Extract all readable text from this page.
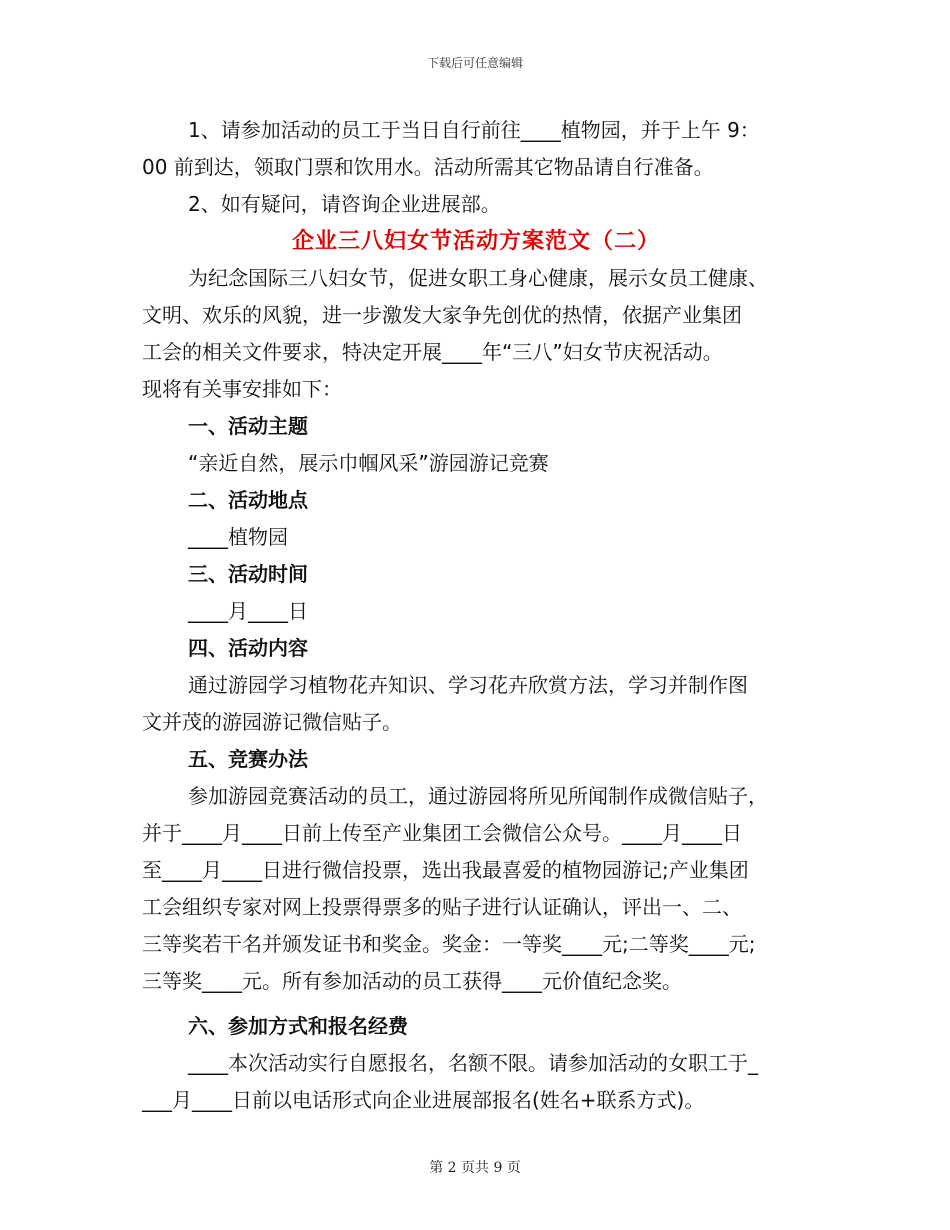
下载后可任意编辑
1、请参加活动的员工于当日自行前往____植物园，并于上午 9：
00 前到达，领取门票和饮用水。活动所需其它物品请自行准备。
2、如有疑问，请咨询企业进展部。
企业三八妇女节活动方案范文（二）
为纪念国际三八妇女节，促进女职工身心健康，展示女员工健康、
文明、欢乐的风貌，进一步激发大家争先创优的热情，依据产业集团
工会的相关文件要求，特决定开展____年“三八”妇女节庆祝活动。
现将有关事安排如下：
一、活动主题
“亲近自然，展示巾帼风采”游园游记竞赛
二、活动地点
____植物园
三、活动时间
____月____日
四、活动内容
通过游园学习植物花卉知识、学习花卉欣赏方法，学习并制作图
文并茂的游园游记微信贴子。
五、竞赛办法
参加游园竞赛活动的员工，通过游园将所见所闻制作成微信贴子，
并于____月____日前上传至产业集团工会微信公众号。____月____日
至____月____日进行微信投票，选出我最喜爱的植物园游记;产业集团
工会组织专家对网上投票得票多的贴子进行认证确认，评出一、二、
三等奖若干名并颁发证书和奖金。奖金：一等奖____元;二等奖____元;
三等奖____元。所有参加活动的员工获得____元价值纪念奖。
六、参加方式和报名经费
____本次活动实行自愿报名，名额不限。请参加活动的女职工于_
___月____日前以电话形式向企业进展部报名(姓名+联系方式)。
第 2 页共 9 页
